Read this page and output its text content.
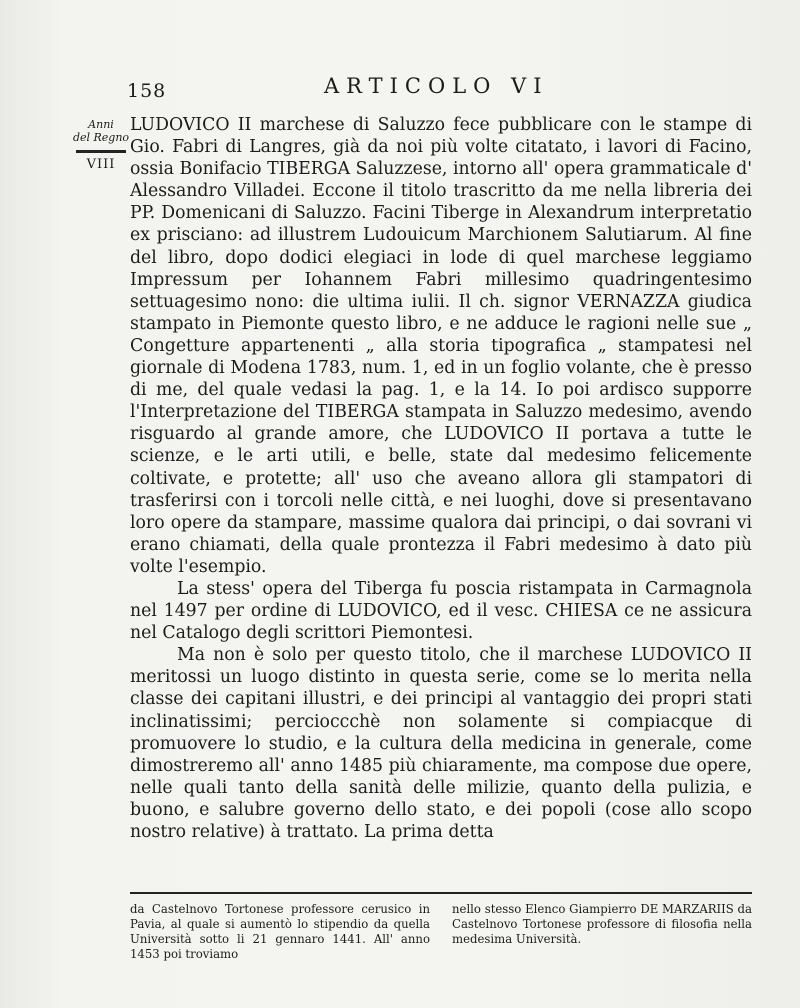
158	ARTICOLO VI
Anni
del Regno
VIII

LUDOVICO II marchese di Saluzzo fece pubblicare con le stampe di Gio. Fabri di Langres, già da noi più volte citatato, i lavori di Facino, ossia Bonifacio TIBERGA Saluzzese, intorno all' opera grammaticale d' Alessandro Villadei. Eccone il titolo trascritto da me nella libreria dei PP. Domenicani di Saluzzo. Facini Tiberge in Alexandrum interpretatio ex prisciano: ad illustrem Ludouicum Marchionem Salutiarum. Al fine del libro, dopo dodici elegiaci in lode di quel marchese leggiamo Impressum per Iohannem Fabri millesimo quadringentesimo settuagesimo nono: die ultima iulii. Il ch. signor VERNAZZA giudica stampato in Piemonte questo libro, e ne adduce le ragioni nelle sue „ Congetture appartenenti „ alla storia tipografica „ stampatesi nel giornale di Modena 1783, num. 1, ed in un foglio volante, che è presso di me, del quale vedasi la pag. 1, e la 14. Io poi ardisco supporre l'Interpretazione del TIBERGA stampata in Saluzzo medesimo, avendo risguardo al grande amore, che LUDOVICO II portava a tutte le scienze, e le arti utili, e belle, state dal medesimo felicemente coltivate, e protette; all' uso che aveano allora gli stampatori di trasferirsi con i torcoli nelle città, e nei luoghi, dove si presentavano loro opere da stampare, massime qualora dai principi, o dai sovrani vi erano chiamati, della quale prontezza il Fabri medesimo à dato più volte l'esempio.

La stess' opera del Tiberga fu poscia ristampata in Carmagnola nel 1497 per ordine di LUDOVICO, ed il vesc. CHIESA ce ne assicura nel Catalogo degli scrittori Piemontesi.

Ma non è solo per questo titolo, che il marchese LUDOVICO II meritossi un luogo distinto in questa serie, come se lo merita nella classe dei capitani illustri, e dei principi al vantaggio dei propri stati inclinatissimi; percioccchè non solamente si compiacque di promuovere lo studio, e la cultura della medicina in generale, come dimostreremo all' anno 1485 più chiaramente, ma compose due opere, nelle quali tanto della sanità delle milizie, quanto della pulizia, e buono, e salubre governo dello stato, e dei popoli (cose allo scopo nostro relative) à trattato. La prima detta

da Castelnovo Tortonese professore cerusico in Pavia, al quale si aumentò lo stipendio da quella Università sotto li 21 gennaro 1441. All' anno 1453 poi troviamo
nello stesso Elenco Giampierro DE MARZARIIS da Castelnovo Tortonese professore di filosofia nella medesima Università.
